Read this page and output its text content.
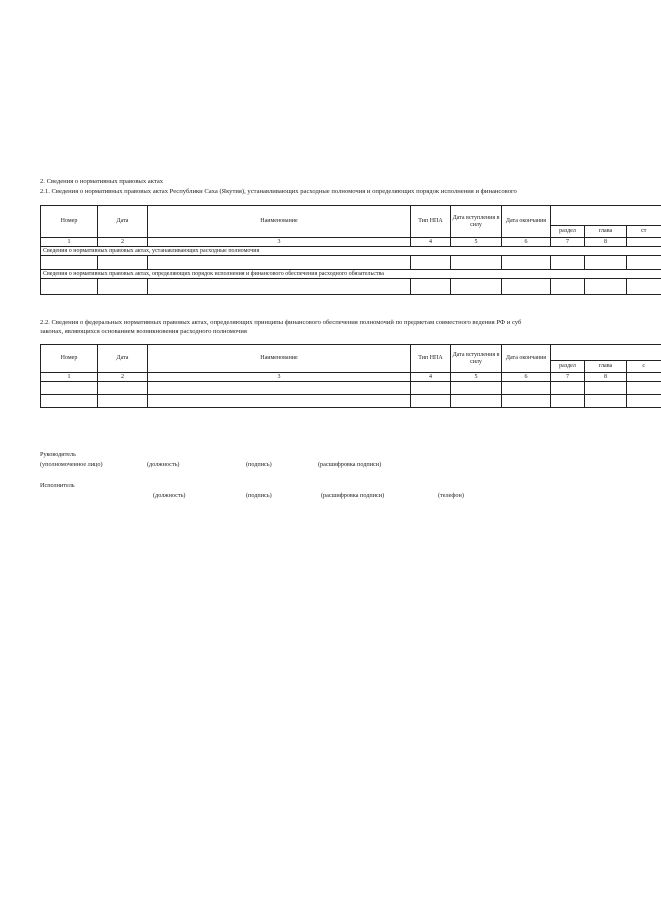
2. Сведения о нормативных правовых актах
2.1. Сведения о нормативных правовых актах Республики Саха (Якутия), устанавливающих расходные полномочия и определяющих порядок исполнения и финансового
Номер	Дата	Наименование	Тип НПА	Дата вступления в силу	Дата окончания			
						раздел	глава	ст
1	2	3	4	5	6	7	8	
Сведения о нормативных правовых актах, устанавливающих расходные полномочия								

Сведения о нормативных правовых актах, определяющих порядок исполнения и финансового обеспечения расходного обязательства								

2.2. Сведения о федеральных нормативных правовых актах, определяющих принципы финансового обеспечения полномочий по предметам совместного ведения РФ и суб
законах, являющихся основанием возникновения расходного полномочия
Номер	Дата	Наименование	Тип НПА	Дата вступления в силу	Дата окончания			
						раздел	глава	с
1	2	3	4	5	6	7	8	

Руководитель
(уполномоченное лицо)	(должность)	(подпись)	(расшифровка подписи)
Исполнитель
(должность)	(подпись)	(расшифровка подписи)	(телефон)
